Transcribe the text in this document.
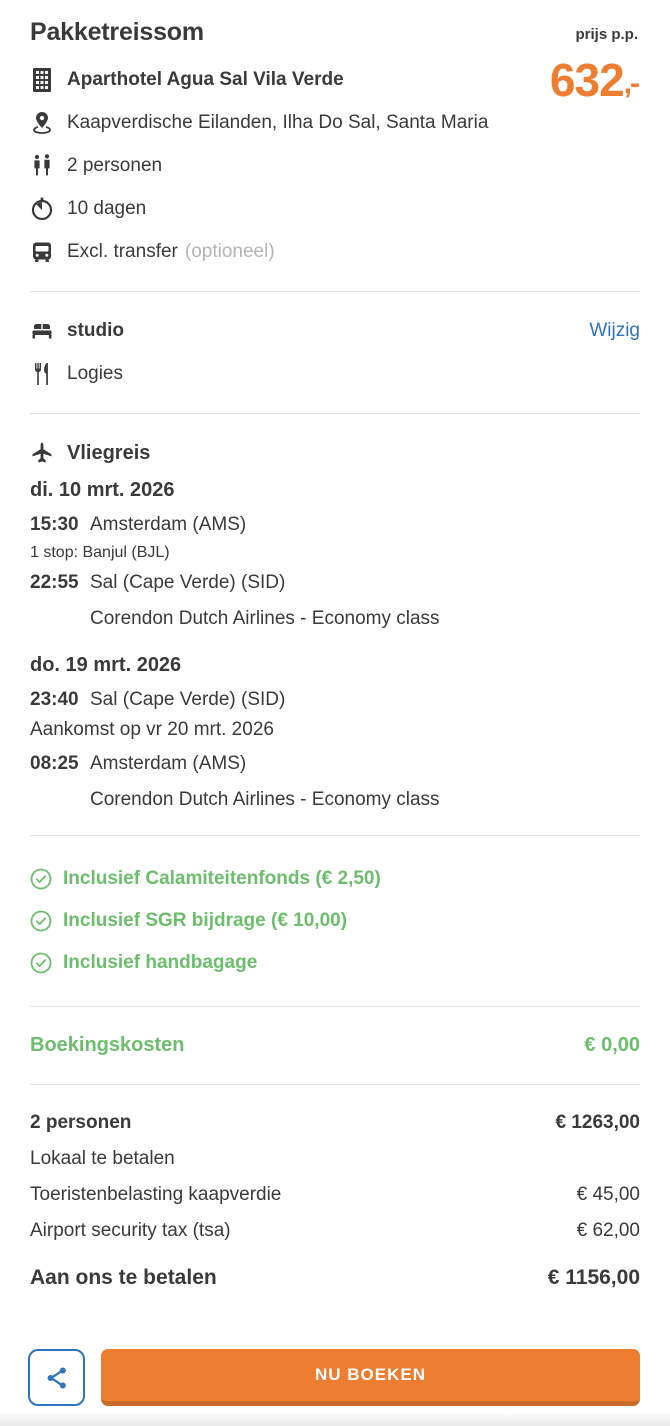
Pakketreissom	prijs p.p.
632,-
Aparthotel Agua Sal Vila Verde
Kaapverdische Eilanden, Ilha Do Sal, Santa Maria
2 personen
10 dagen
Excl. transfer (optioneel)
studio	Wijzig
Logies
Vliegreis
di. 10 mrt. 2026
15:30 Amsterdam (AMS)
1 stop: Banjul (BJL)
22:55 Sal (Cape Verde) (SID)
Corendon Dutch Airlines - Economy class
do. 19 mrt. 2026
23:40 Sal (Cape Verde) (SID)
Aankomst op vr 20 mrt. 2026
08:25 Amsterdam (AMS)
Corendon Dutch Airlines - Economy class
Inclusief Calamiteitenfonds (€ 2,50)
Inclusief SGR bijdrage (€ 10,00)
Inclusief handbagage
Boekingskosten	€ 0,00
2 personen	€ 1263,00
Lokaal te betalen
Toeristenbelasting kaapverdie	€ 45,00
Airport security tax (tsa)	€ 62,00
Aan ons te betalen	€ 1156,00
NU BOEKEN
